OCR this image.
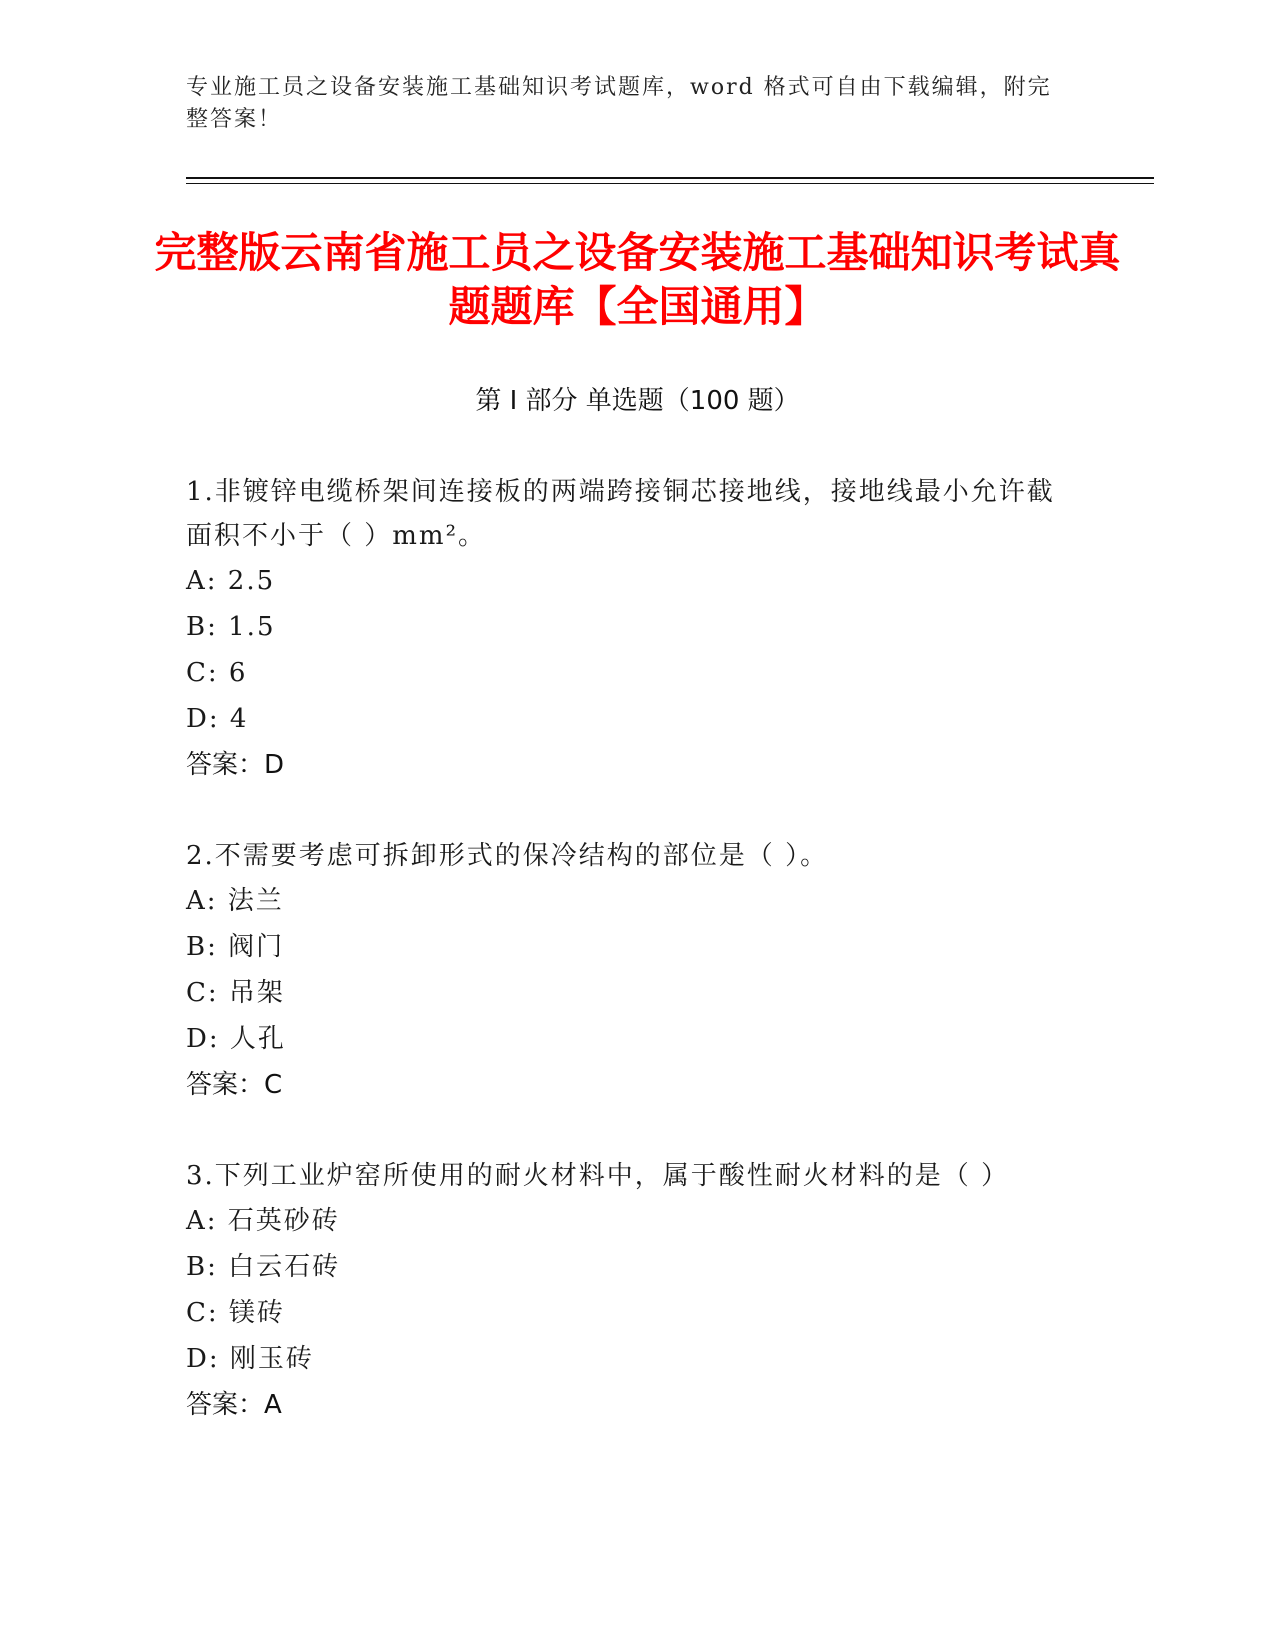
专业施工员之设备安装施工基础知识考试题库，word 格式可自由下载编辑，附完整答案！
完整版云南省施工员之设备安装施工基础知识考试真题题库【全国通用】
第 I 部分 单选题（100 题）
1.非镀锌电缆桥架间连接板的两端跨接铜芯接地线，接地线最小允许截面积不小于（ ）mm²。
A: 2.5
B: 1.5
C: 6
D: 4
答案：D
2.不需要考虑可拆卸形式的保冷结构的部位是（ ）。
A: 法兰
B: 阀门
C: 吊架
D: 人孔
答案：C
3.下列工业炉窑所使用的耐火材料中，属于酸性耐火材料的是（ ）
A: 石英砂砖
B: 白云石砖
C: 镁砖
D: 刚玉砖
答案：A
